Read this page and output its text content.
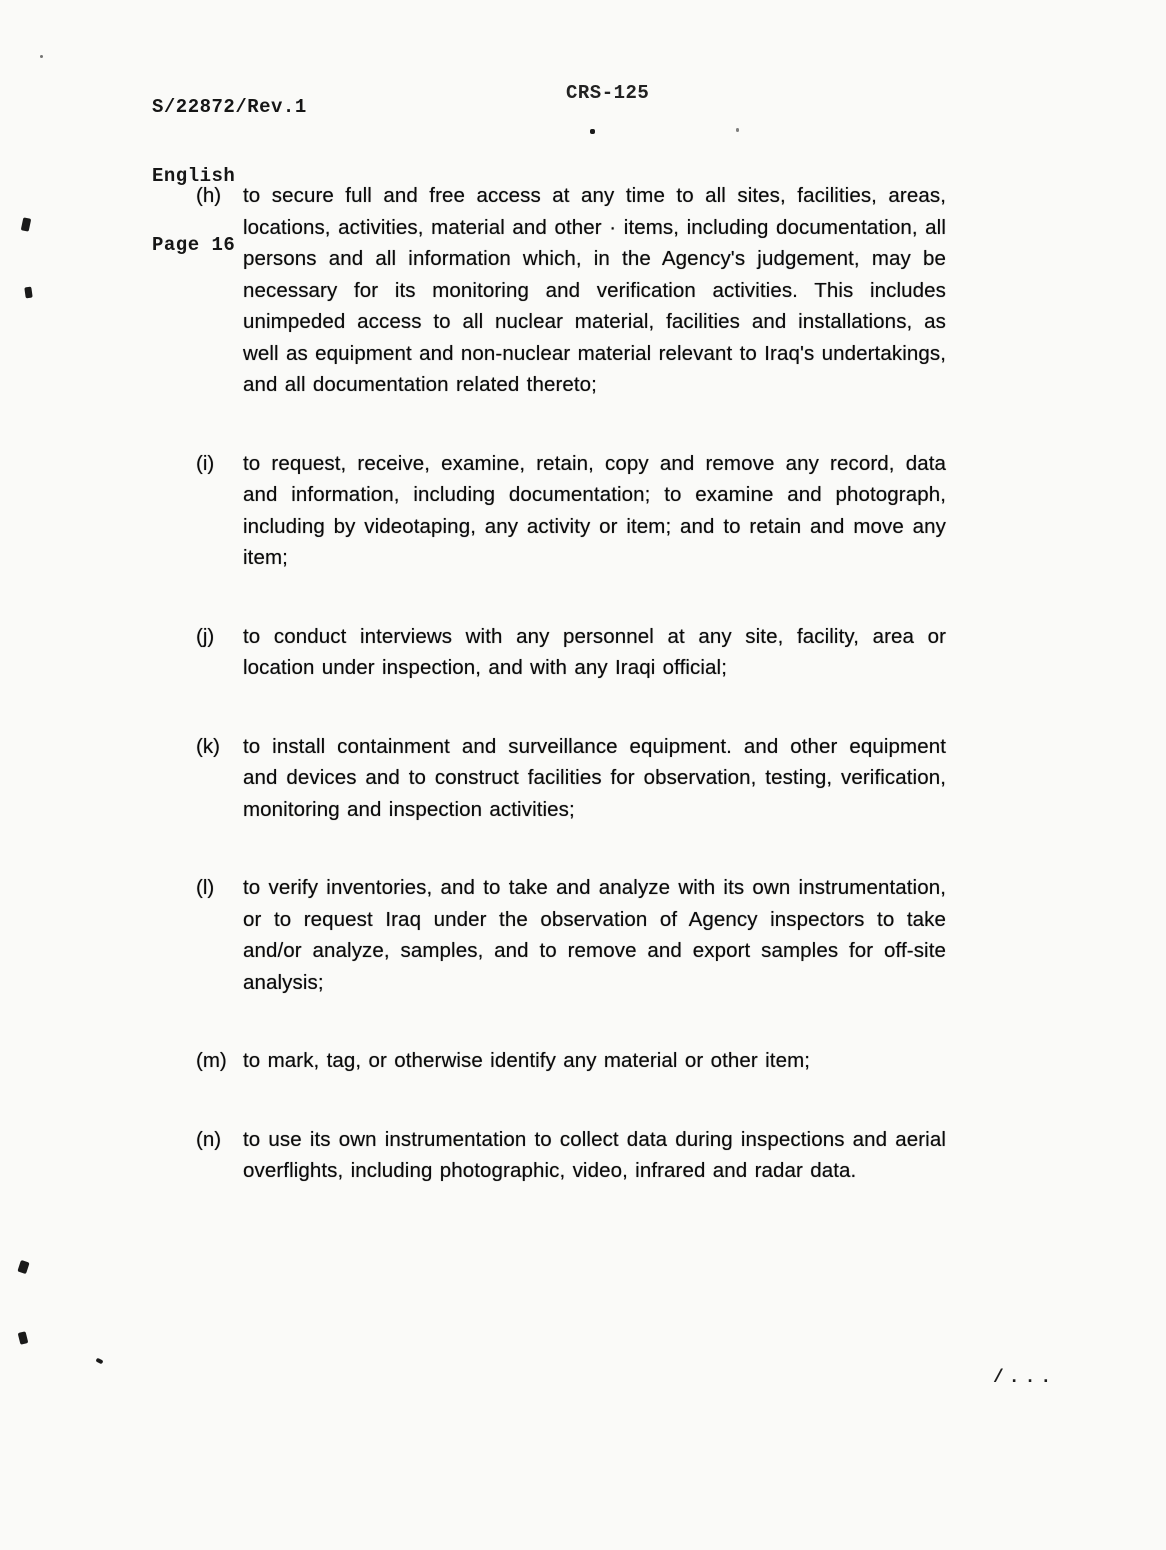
S/22872/Rev.1

English

Page 16

CRS-125
(h)	to secure full and free access at any time to all sites, facilities, areas, locations, activities, material and other · items, including documentation, all persons and all information which, in the Agency's judgement, may be necessary for its monitoring and verification activities. This includes unimpeded access to all nuclear material, facilities and installations, as well as equipment and non-nuclear material relevant to Iraq's undertakings, and all documentation related thereto;
(i)	to request, receive, examine, retain, copy and remove any record, data and information, including documentation; to examine and photograph, including by videotaping, any activity or item; and to retain and move any item;
(j)	to conduct interviews with any personnel at any site, facility, area or location under inspection, and with any Iraqi official;
(k)	to install containment and surveillance equipment. and other equipment and devices and to construct facilities for observation, testing, verification, monitoring and inspection activities;
(l)	to verify inventories, and to take and analyze with its own instrumentation, or to request Iraq under the observation of Agency inspectors to take and/or analyze, samples, and to remove and export samples for off-site analysis;
(m) to mark, tag, or otherwise identify any material or other item;
(n)	to use its own instrumentation to collect data during inspections and aerial overflights, including photographic, video, infrared and radar data.
/...
